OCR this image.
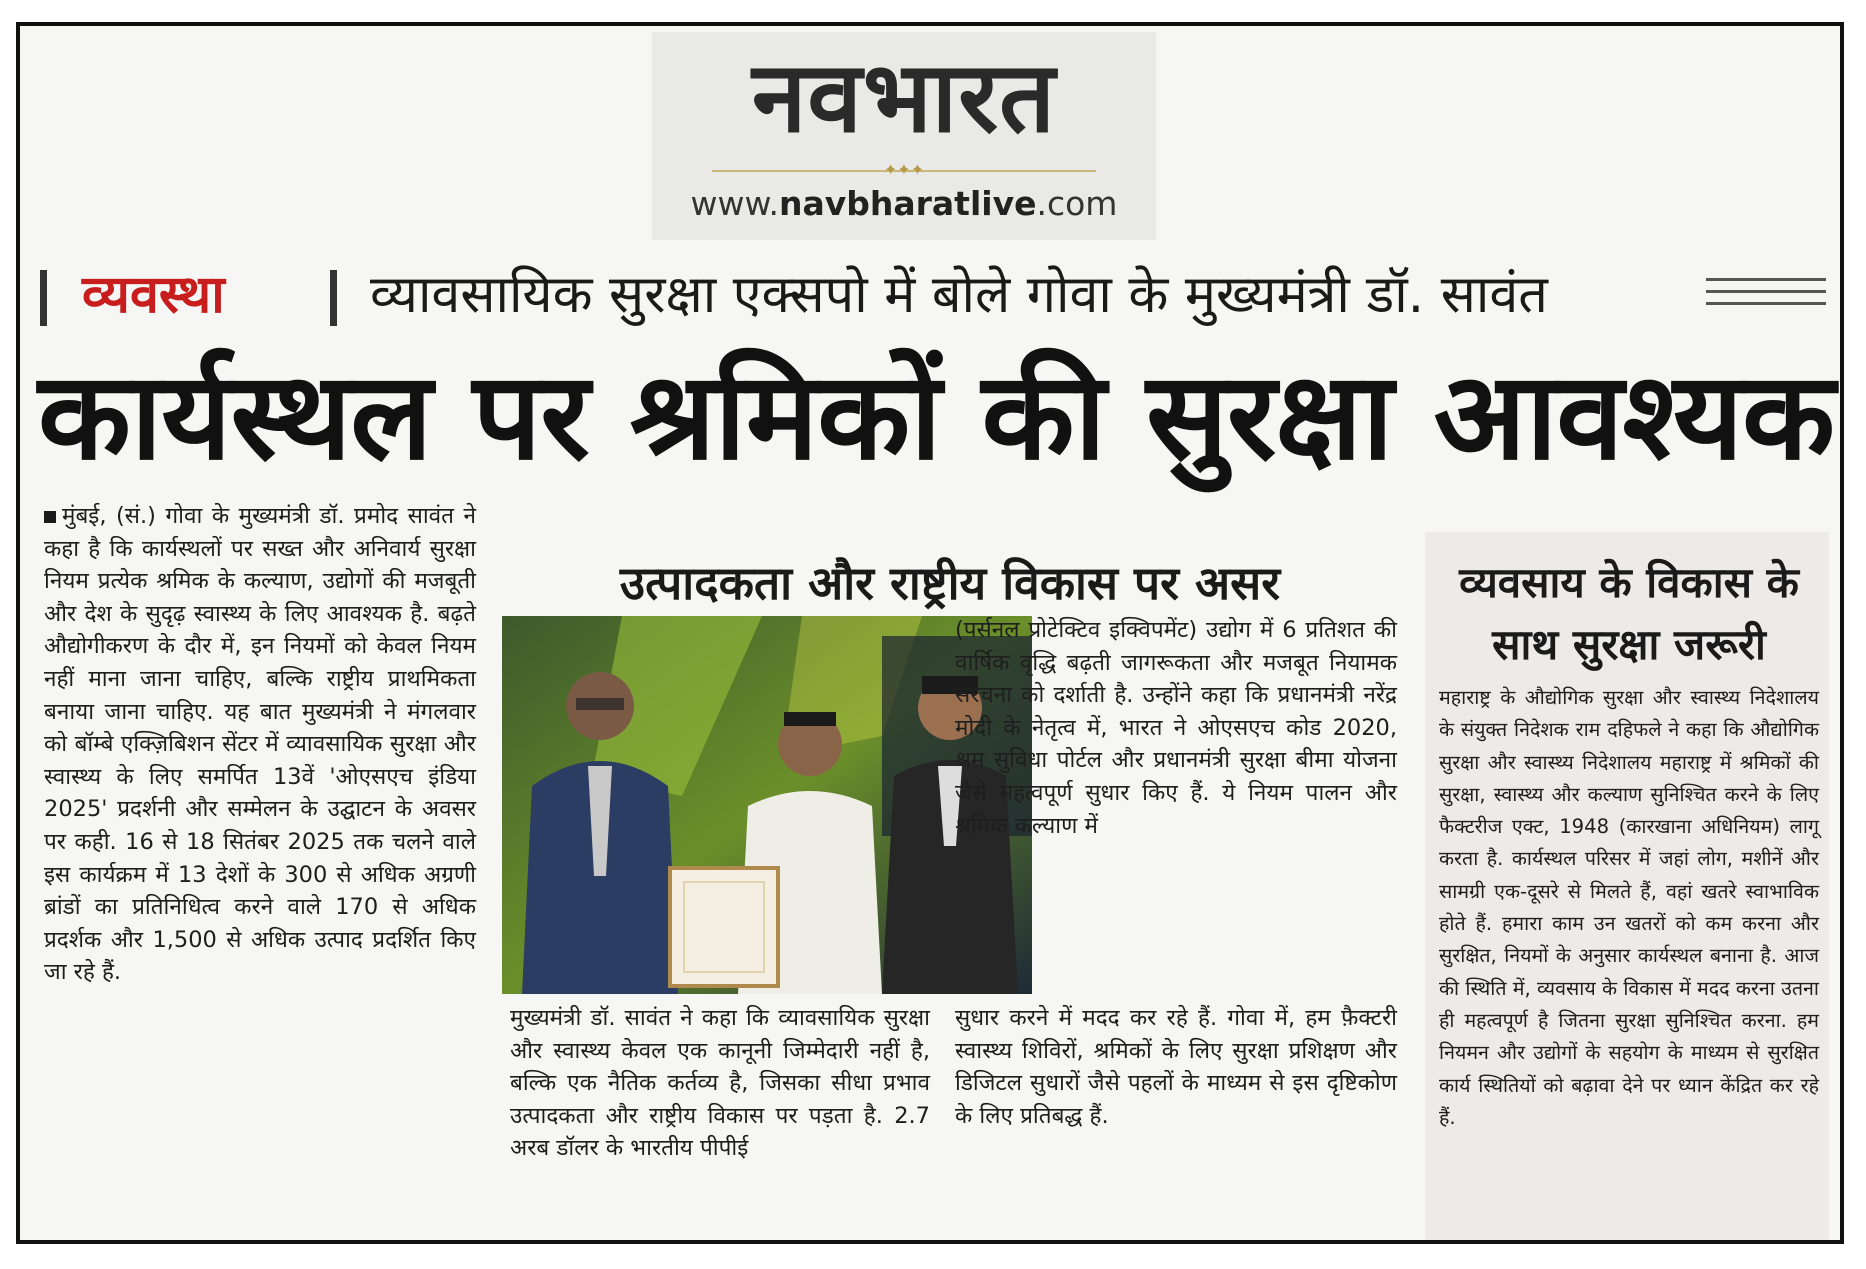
नवभारत
✦✦✦
www.navbharatlive.com
व्यवस्था	व्यावसायिक सुरक्षा एक्सपो में बोले गोवा के मुख्यमंत्री डॉ. सावंत
कार्यस्थल पर श्रमिकों की सुरक्षा आवश्यक
मुंबई, (सं.) गोवा के मुख्यमंत्री डॉ. प्रमोद सावंत ने कहा है कि कार्यस्थलों पर सख्त और अनिवार्य सुरक्षा नियम प्रत्येक श्रमिक के कल्याण, उद्योगों की मजबूती और देश के सुदृढ़ स्वास्थ्य के लिए आवश्यक है. बढ़ते औद्योगीकरण के दौर में, इन नियमों को केवल नियम नहीं माना जाना चाहिए, बल्कि राष्ट्रीय प्राथमिकता बनाया जाना चाहिए. यह बात मुख्यमंत्री ने मंगलवार को बॉम्बे एक्ज़िबिशन सेंटर में व्यावसायिक सुरक्षा और स्वास्थ्य के लिए समर्पित 13वें 'ओएसएच इंडिया 2025' प्रदर्शनी और सम्मेलन के उद्घाटन के अवसर पर कही. 16 से 18 सितंबर 2025 तक चलने वाले इस कार्यक्रम में 13 देशों के 300 से अधिक अग्रणी ब्रांडों का प्रतिनिधित्व करने वाले 170 से अधिक प्रदर्शक और 1,500 से अधिक उत्पाद प्रदर्शित किए जा रहे हैं.
उत्पादकता और राष्ट्रीय विकास पर असर
(पर्सनल प्रोटेक्टिव इक्विपमेंट) उद्योग में 6 प्रतिशत की वार्षिक वृद्धि बढ़ती जागरूकता और मजबूत नियामक संरचना को दर्शाती है. उन्होंने कहा कि प्रधानमंत्री नरेंद्र मोदी के नेतृत्व में, भारत ने ओएसएच कोड 2020, श्रम सुविधा पोर्टल और प्रधानमंत्री सुरक्षा बीमा योजना जैसे महत्वपूर्ण सुधार किए हैं. ये नियम पालन और श्रमिक कल्याण में
मुख्यमंत्री डॉ. सावंत ने कहा कि व्यावसायिक सुरक्षा और स्वास्थ्य केवल एक कानूनी जिम्मेदारी नहीं है, बल्कि एक नैतिक कर्तव्य है, जिसका सीधा प्रभाव उत्पादकता और राष्ट्रीय विकास पर पड़ता है. 2.7 अरब डॉलर के भारतीय पीपीई
सुधार करने में मदद कर रहे हैं. गोवा में, हम फ़ैक्टरी स्वास्थ्य शिविरों, श्रमिकों के लिए सुरक्षा प्रशिक्षण और डिजिटल सुधारों जैसे पहलों के माध्यम से इस दृष्टिकोण के लिए प्रतिबद्ध हैं.
व्यवसाय के विकास के साथ सुरक्षा जरूरी
महाराष्ट्र के औद्योगिक सुरक्षा और स्वास्थ्य निदेशालय के संयुक्त निदेशक राम दहिफले ने कहा कि औद्योगिक सुरक्षा और स्वास्थ्य निदेशालय महाराष्ट्र में श्रमिकों की सुरक्षा, स्वास्थ्य और कल्याण सुनिश्चित करने के लिए फैक्टरीज एक्ट, 1948 (कारखाना अधिनियम) लागू करता है. कार्यस्थल परिसर में जहां लोग, मशीनें और सामग्री एक-दूसरे से मिलते हैं, वहां खतरे स्वाभाविक होते हैं. हमारा काम उन खतरों को कम करना और सुरक्षित, नियमों के अनुसार कार्यस्थल बनाना है. आज की स्थिति में, व्यवसाय के विकास में मदद करना उतना ही महत्वपूर्ण है जितना सुरक्षा सुनिश्चित करना. हम नियमन और उद्योगों के सहयोग के माध्यम से सुरक्षित कार्य स्थितियों को बढ़ावा देने पर ध्यान केंद्रित कर रहे हैं.
